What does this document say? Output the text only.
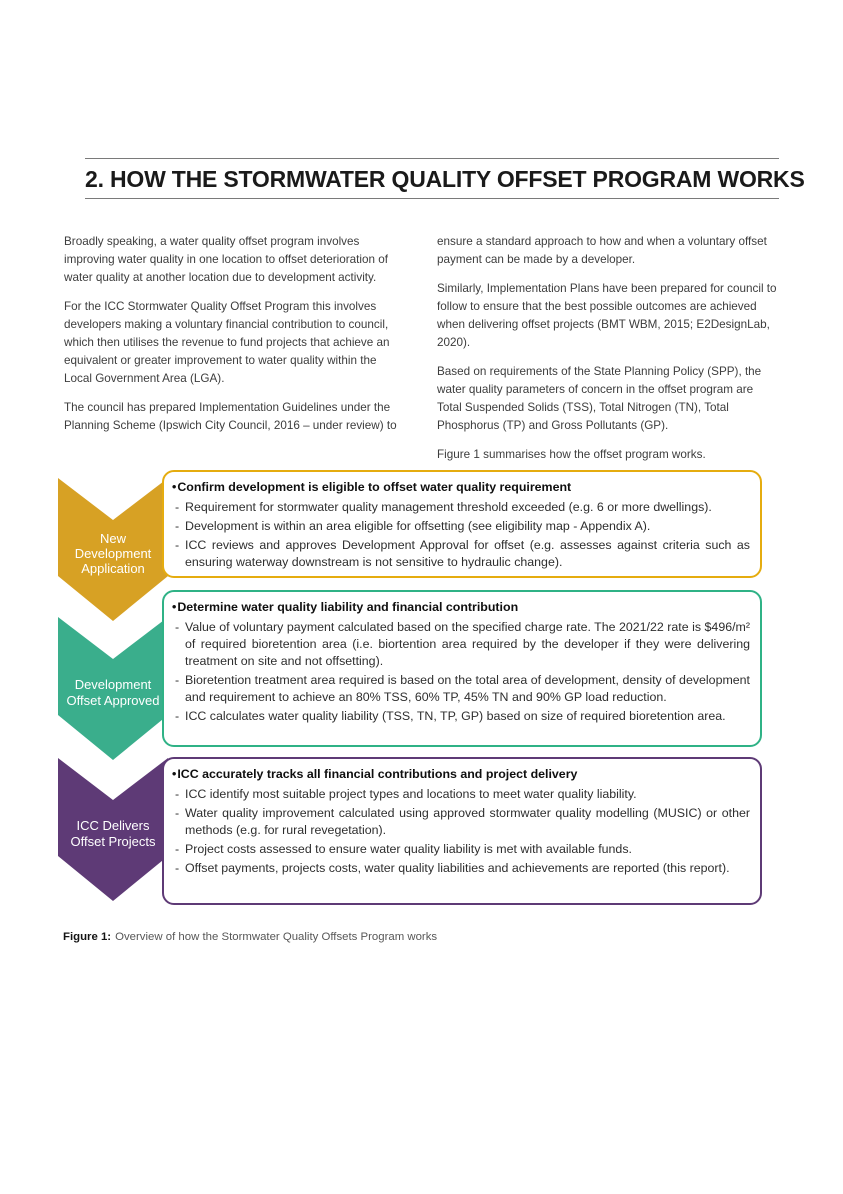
2. HOW THE STORMWATER QUALITY OFFSET PROGRAM WORKS

Broadly speaking, a water quality offset program involves improving water quality in one location to offset deterioration of water quality at another location due to development activity.

For the ICC Stormwater Quality Offset Program this involves developers making a voluntary financial contribution to council, which then utilises the revenue to fund projects that achieve an equivalent or greater improvement to water quality within the Local Government Area (LGA).

The council has prepared Implementation Guidelines under the Planning Scheme (Ipswich City Council, 2016 – under review) to

ensure a standard approach to how and when a voluntary offset payment can be made by a developer.

Similarly, Implementation Plans have been prepared for council to follow to ensure that the best possible outcomes are achieved when delivering offset projects (BMT WBM, 2015; E2DesignLab, 2020).

Based on requirements of the State Planning Policy (SPP), the water quality parameters of concern in the offset program are Total Suspended Solids (TSS), Total Nitrogen (TN), Total Phosphorus (TP) and Gross Pollutants (GP).

Figure 1 summarises how the offset program works.

New Development Application
• Confirm development is eligible to offset water quality requirement
-
Requirement for stormwater quality management threshold exceeded (e.g. 6 or more dwellings).
-
Development is within an area eligible for offsetting (see eligibility map - Appendix A).
-
ICC reviews and approves Development Approval for offset (e.g. assesses against criteria such as ensuring waterway downstream is not sensitive to hydraulic change).
Development Offset Approved
• Determine water quality liability and financial contribution
-
Value of voluntary payment calculated based on the specified charge rate. The 2021/22 rate is $496/m² of required bioretention area (i.e. biortention area required by the developer if they were delivering treatment on site and not offsetting).
-
Bioretention treatment area required is based on the total area of development, density of development and requirement to achieve an 80% TSS, 60% TP, 45% TN and 90% GP load reduction.
-
ICC calculates water quality liability (TSS, TN, TP, GP) based on size of required bioretention area.
ICC Delivers Offset Projects
• ICC accurately tracks all financial contributions and project delivery
-
ICC identify most suitable project types and locations to meet water quality liability.
-
Water quality improvement calculated using approved stormwater quality modelling (MUSIC) or other methods (e.g. for rural revegetation).
-
Project costs assessed to ensure water quality liability is met with available funds.
-
Offset payments, projects costs, water quality liabilities and achievements are reported (this report).

Figure 1: Overview of how the Stormwater Quality Offsets Program works
